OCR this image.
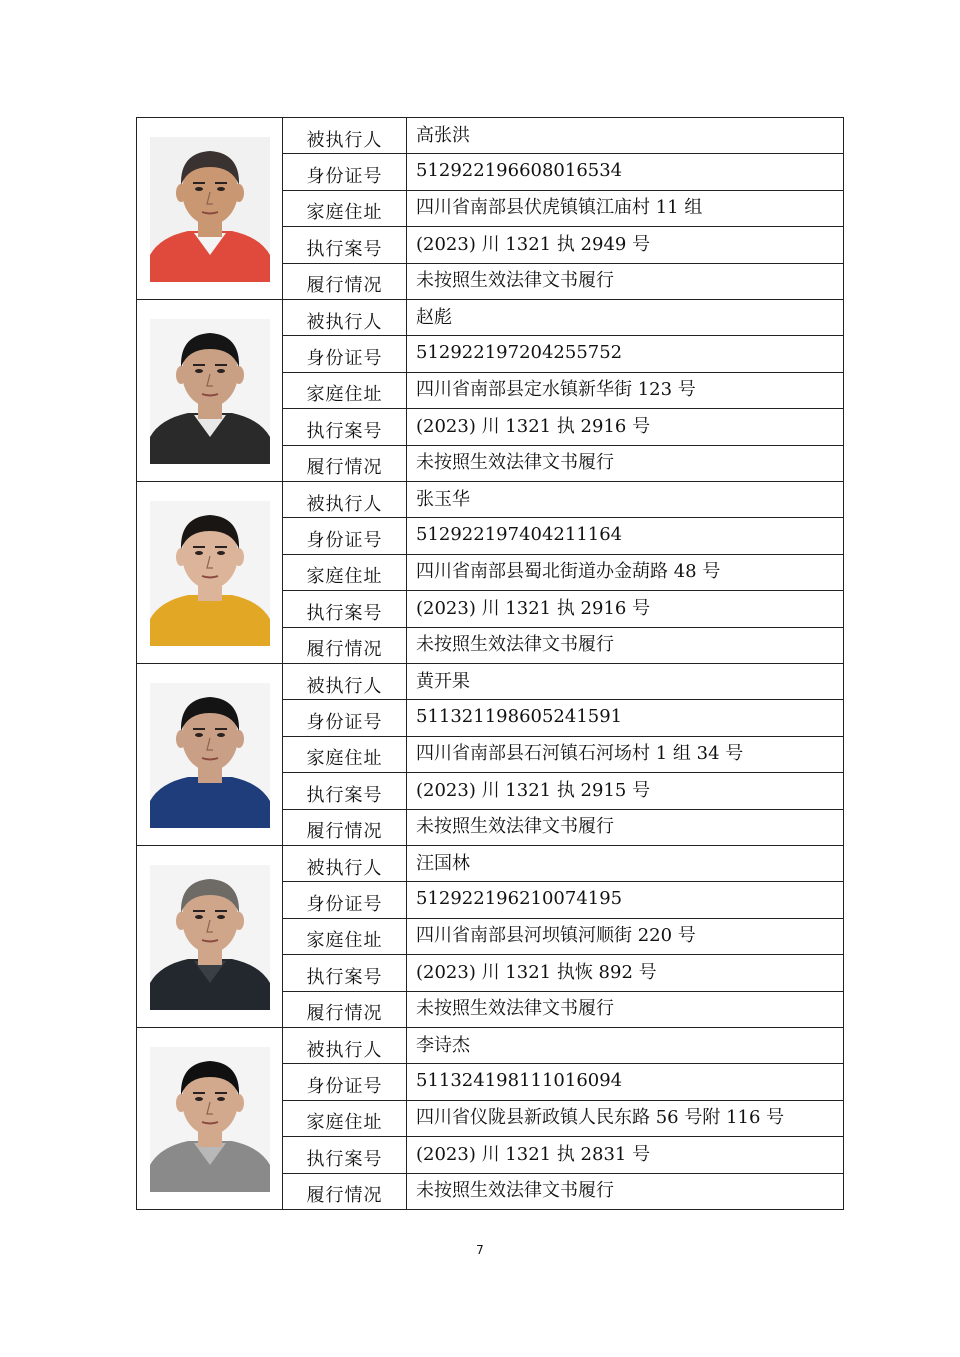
被执行人	高张洪
身份证号	512922196608016534
家庭住址	四川省南部县伏虎镇镇江庙村 11 组
执行案号	(2023) 川 1321 执 2949 号
履行情况	未按照生效法律文书履行
被执行人	赵彪
身份证号	512922197204255752
家庭住址	四川省南部县定水镇新华街 123 号
执行案号	(2023) 川 1321 执 2916 号
履行情况	未按照生效法律文书履行
被执行人	张玉华
身份证号	512922197404211164
家庭住址	四川省南部县蜀北街道办金葫路 48 号
执行案号	(2023) 川 1321 执 2916 号
履行情况	未按照生效法律文书履行
被执行人	黄开果
身份证号	511321198605241591
家庭住址	四川省南部县石河镇石河场村 1 组 34 号
执行案号	(2023) 川 1321 执 2915 号
履行情况	未按照生效法律文书履行
被执行人	汪国林
身份证号	512922196210074195
家庭住址	四川省南部县河坝镇河顺街 220 号
执行案号	(2023) 川 1321 执恢 892 号
履行情况	未按照生效法律文书履行
被执行人	李诗杰
身份证号	511324198111016094
家庭住址	四川省仪陇县新政镇人民东路 56 号附 116 号
执行案号	(2023) 川 1321 执 2831 号
履行情况	未按照生效法律文书履行
7
